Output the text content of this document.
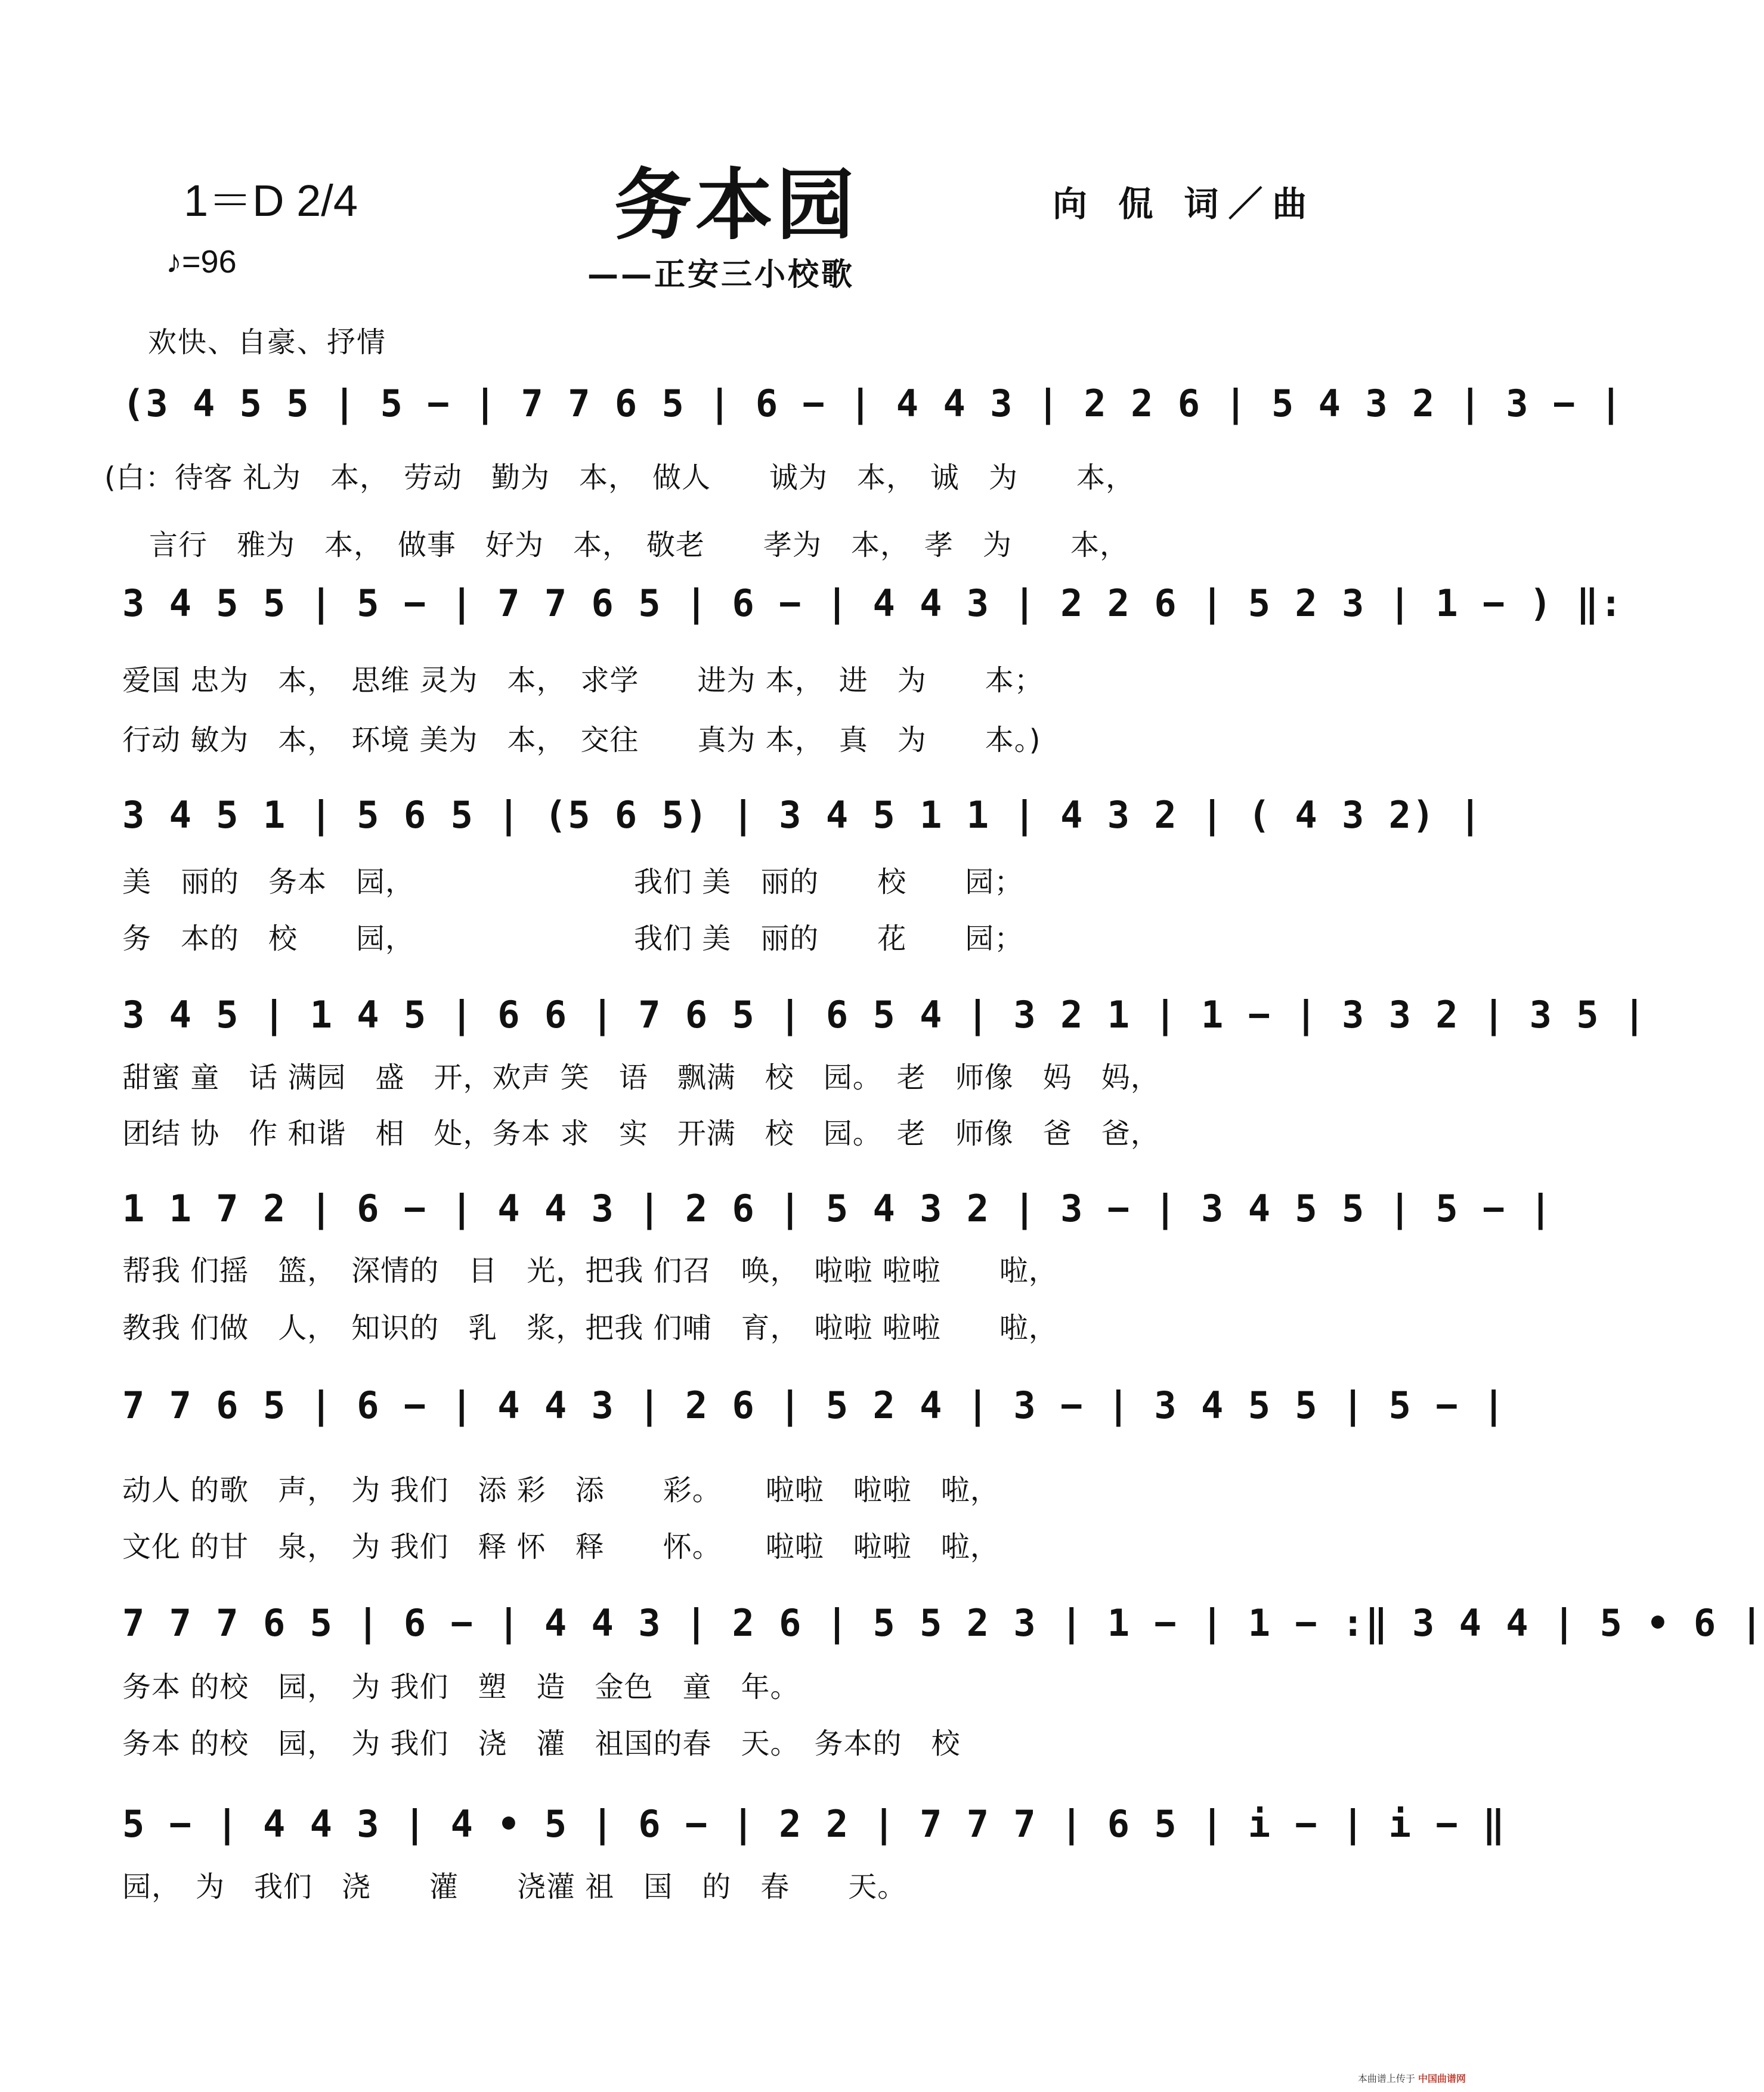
1＝D 2/4	务本园	向 侃 词／曲
♪=96	——正安三小校歌
欢快、自豪、抒情
(3 4 5 5 | 5 − | 7 7 6 5 | 6 − | 4 4 3 | 2 2 6 | 5 4 3 2 | 3 − |
(白：待客 礼为　本，　劳动　勤为　本，　做人　　诚为　本，　诚　为　　本，
言行　雅为　本，　做事　好为　本，　敬老　　孝为　本，　孝　为　　本，
3 4 5 5 | 5 − | 7 7 6 5 | 6 − | 4 4 3 | 2 2 6 | 5 2 3 | 1 − ) ‖:
爱国 忠为　本，　思维 灵为　本，　求学　　进为 本，　进　为　　本；
行动 敏为　本，　环境 美为　本，　交往　　真为 本，　真　为　　本。)
3 4 5 1 | 5 6 5 | (5 6 5) | 3 4 5 1 1 | 4 3 2 | ( 4 3 2) |
美　丽的　务本　园，　　　　　　　　我们 美　丽的　　校　　园；
务　本的　校　　园，　　　　　　　　我们 美　丽的　　花　　园；
3 4 5 | 1 4 5 | 6 6 | 7 6 5 | 6 5 4 | 3 2 1 | 1 − | 3 3 2 | 3 5 |
甜蜜 童　话 满园　盛　开，欢声 笑　语　飘满　校　园。　老　师像　妈　妈，
团结 协　作 和谐　相　处，务本 求　实　开满　校　园。　老　师像　爸　爸，
1 1 7 2 | 6 − | 4 4 3 | 2 6 | 5 4 3 2 | 3 − | 3 4 5 5 | 5 − |
帮我 们摇　篮，　深情的　目　光，把我 们召　唤，　啦啦 啦啦　　啦，
教我 们做　人，　知识的　乳　浆，把我 们哺　育，　啦啦 啦啦　　啦，
7 7 6 5 | 6 − | 4 4 3 | 2 6 | 5 2 4 | 3 − | 3 4 5 5 | 5 − |
动人 的歌　声，　为 我们　添 彩　添　　彩。　　啦啦　啦啦　啦，
文化 的甘　泉，　为 我们　释 怀　释　　怀。　　啦啦　啦啦　啦，
7 7 7 6 5 | 6 − | 4 4 3 | 2 6 | 5 5 2 3 | 1 − | 1 − :‖ 3 4 4 | 5 • 6 |
务本 的校　园，　为 我们　塑　造　金色　童　年。
务本 的校　园，　为 我们　浇　灌　祖国的春　天。　务本的　校
5 − | 4 4 3 | 4 • 5 | 6 − | 2 2 | 7 7 7 | 6 5 | i − | i − ‖
园，　为　我们　浇　　灌　　浇灌 祖　国　的　春　　天。
本曲谱上传于 中国曲谱网
